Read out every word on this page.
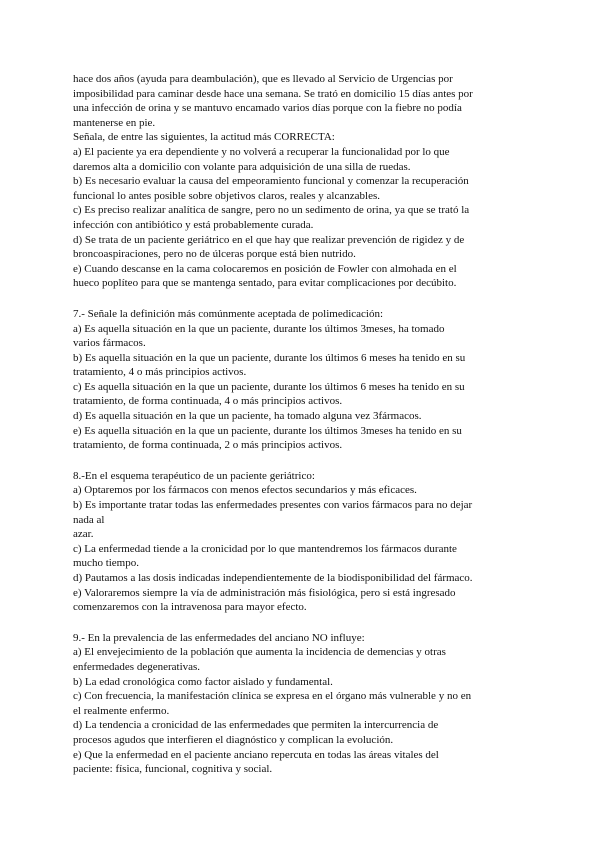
hace dos años (ayuda para deambulación), que es llevado al Servicio de Urgencias por
imposibilidad para caminar desde hace una semana. Se trató en domicilio 15 días antes por
una infección de orina y se mantuvo encamado varios días porque con la fiebre no podía
mantenerse en pie.
Señala, de entre las siguientes, la actitud más CORRECTA:
a) El paciente ya era dependiente y no volverá a recuperar la funcionalidad por lo que
daremos alta a domicilio con volante para adquisición de una silla de ruedas.
b) Es necesario evaluar la causa del empeoramiento funcional y comenzar la recuperación
funcional lo antes posible sobre objetivos claros, reales y alcanzables.
c) Es preciso realizar analítica de sangre, pero no un sedimento de orina, ya que se trató la
infección con antibiótico y está probablemente curada.
d) Se trata de un paciente geriátrico en el que hay que realizar prevención de rigidez y de
broncoaspiraciones, pero no de úlceras porque está bien nutrido.
e) Cuando descanse en la cama colocaremos en posición de Fowler con almohada en el
hueco poplíteo para que se mantenga sentado, para evitar complicaciones por decúbito.
7.- Señale la definición más comúnmente aceptada de polimedicación:
a) Es aquella situación en la que un paciente, durante los últimos 3meses, ha tomado
varios fármacos.
b) Es aquella situación en la que un paciente, durante los últimos 6 meses ha tenido en su
tratamiento, 4 o más principios activos.
c) Es aquella situación en la que un paciente, durante los últimos 6 meses ha tenido en su
tratamiento, de forma continuada, 4 o más principios activos.
d) Es aquella situación en la que un paciente, ha tomado alguna vez 3fármacos.
e) Es aquella situación en la que un paciente, durante los últimos 3meses ha tenido en su
tratamiento, de forma continuada, 2 o más principios activos.
8.-En el esquema terapéutico de un paciente geriátrico:
a) Optaremos por los fármacos con menos efectos secundarios y más eficaces.
b) Es importante tratar todas las enfermedades presentes con varios fármacos para no dejar
nada al
azar.
c) La enfermedad tiende a la cronicidad por lo que mantendremos los fármacos durante
mucho tiempo.
d) Pautamos a las dosis indicadas independientemente de la biodisponibilidad del fármaco.
e) Valoraremos siempre la vía de administración más fisiológica, pero si está ingresado
comenzaremos con la intravenosa para mayor efecto.
9.- En la prevalencia de las enfermedades del anciano NO influye:
a) El envejecimiento de la población que aumenta la incidencia de demencias y otras
enfermedades degenerativas.
b) La edad cronológica como factor aislado y fundamental.
c) Con frecuencia, la manifestación clínica se expresa en el órgano más vulnerable y no en
el realmente enfermo.
d) La tendencia a cronicidad de las enfermedades que permiten la intercurrencia de
procesos agudos que interfieren el diagnóstico y complican la evolución.
e) Que la enfermedad en el paciente anciano repercuta en todas las áreas vitales del
paciente: física, funcional, cognitiva y social.
